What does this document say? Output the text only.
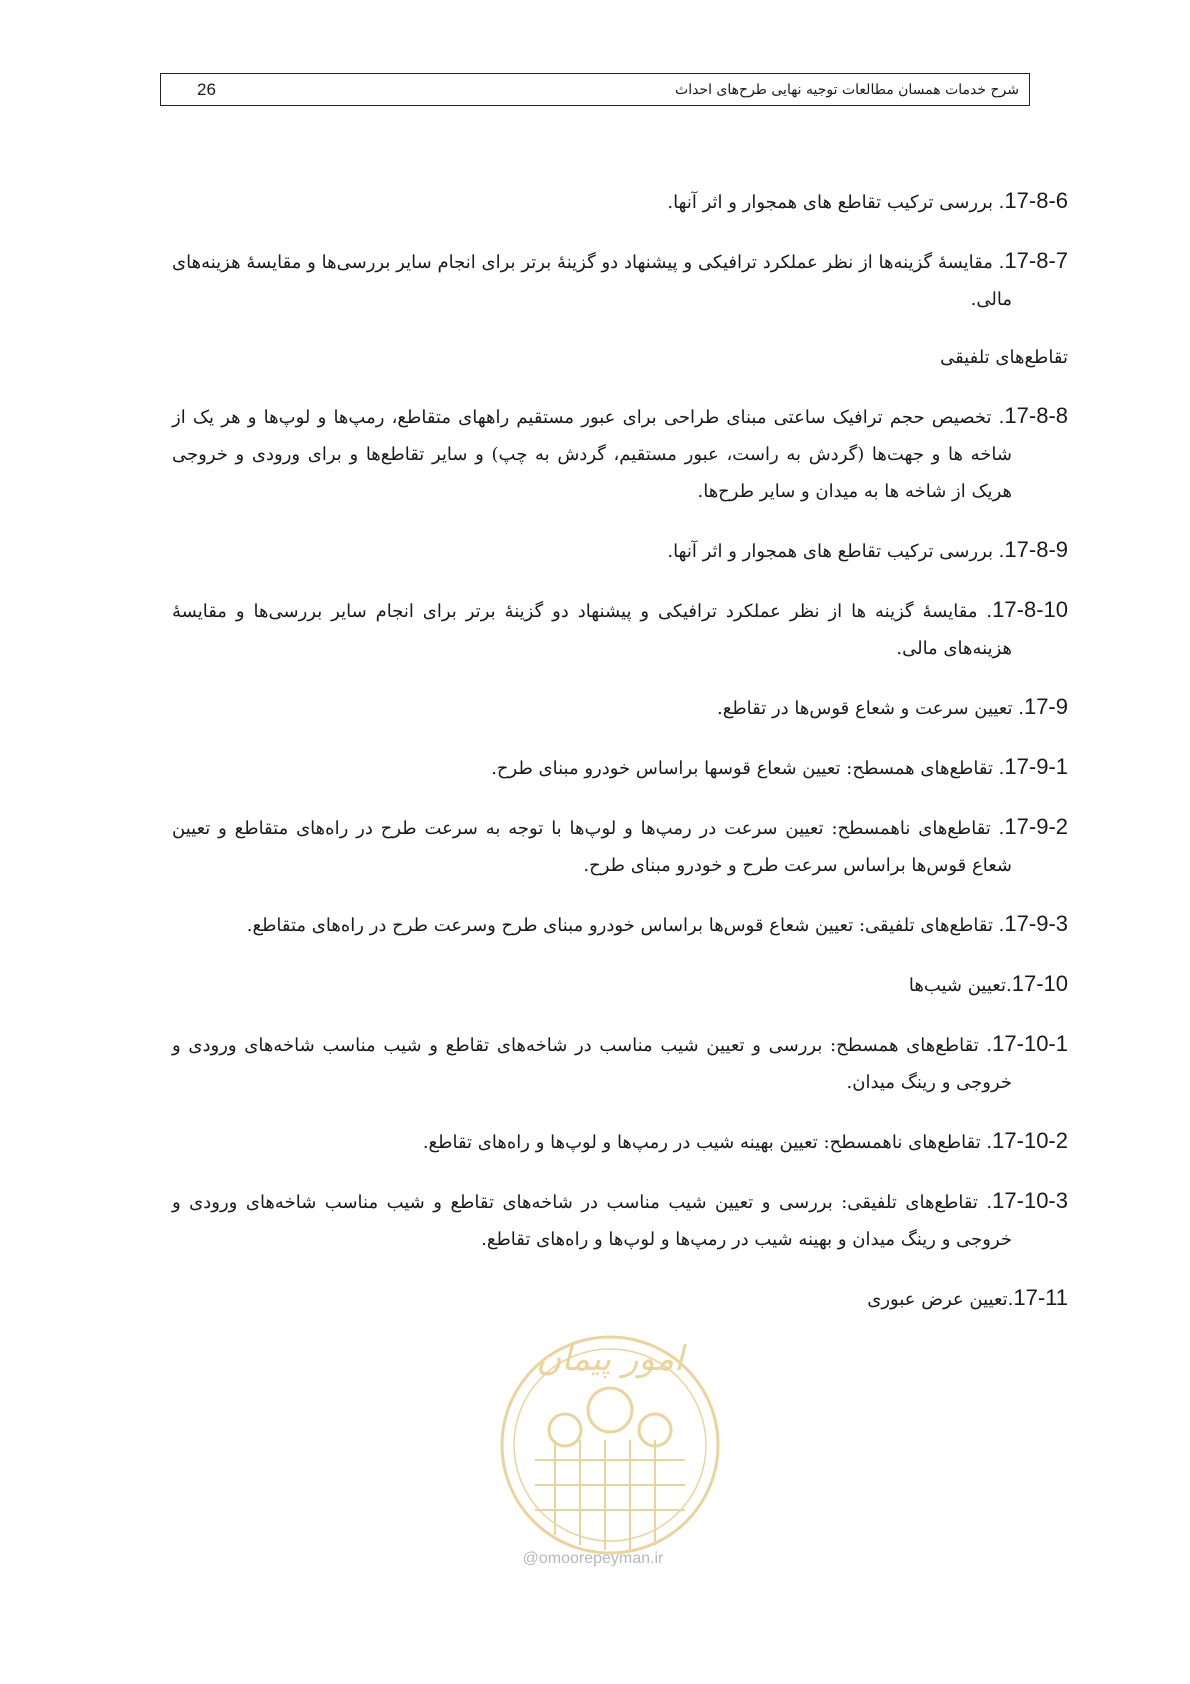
26	شرح خدمات همسان مطالعات توجیه نهایی طرح‌های احداث

17-8-6. بررسی ترکیب تقاطع های همجوار و اثر آنها.

17-8-7. مقایسهٔ گزینه‌ها از نظر عملکرد ترافیکی و پیشنهاد دو گزینهٔ برتر برای انجام سایر بررسی‌ها و مقایسهٔ هزینه‌های مالی.

تقاطع‌های تلفیقی

17-8-8. تخصیص حجم ترافیک ساعتی مبنای طراحی برای عبور مستقیم راههای متقاطع، رمپ‌ها و لوپ‌ها و هر یک از شاخه ها و جهت‌ها (گردش به راست، عبور مستقیم، گردش به چپ) و سایر تقاطع‌ها و برای ورودی و خروجی هریک از شاخه ها به میدان و سایر طرح‌ها.

17-8-9. بررسی ترکیب تقاطع های همجوار و اثر آنها.

17-8-10. مقایسهٔ گزینه ها از نظر عملکرد ترافیکی و پیشنهاد دو گزینهٔ برتر برای انجام سایر بررسی‌ها و مقایسهٔ هزینه‌های مالی.

17-9. تعیین سرعت و شعاع قوس‌ها در تقاطع.

17-9-1. تقاطع‌های همسطح: تعیین شعاع قوسها براساس خودرو مبنای طرح.

17-9-2. تقاطع‌های ناهمسطح: تعیین سرعت در رمپ‌ها و لوپ‌ها با توجه به سرعت طرح در راه‌های متقاطع و تعیین شعاع قوس‌ها براساس سرعت طرح و خودرو مبنای طرح.

17-9-3. تقاطع‌های تلفیقی: تعیین شعاع قوس‌ها براساس خودرو مبنای طرح وسرعت طرح در راه‌های متقاطع.

17-10.تعیین شیب‌ها

17-10-1. تقاطع‌های همسطح: بررسی و تعیین شیب مناسب در شاخه‌های تقاطع و شیب مناسب شاخه‌های ورودی و خروجی و رینگ میدان.

17-10-2. تقاطع‌های ناهمسطح: تعیین بهینه شیب در رمپ‌ها و لوپ‌ها و راه‌های تقاطع.

17-10-3. تقاطع‌های تلفیقی: بررسی و تعیین شیب مناسب در شاخه‌های تقاطع و شیب مناسب شاخه‌های ورودی و خروجی و رینگ میدان و بهینه شیب در رمپ‌ها و لوپ‌ها و راه‌های تقاطع.

17-11.تعیین عرض عبوری

امور پیمان
@omoorepeyman.ir
